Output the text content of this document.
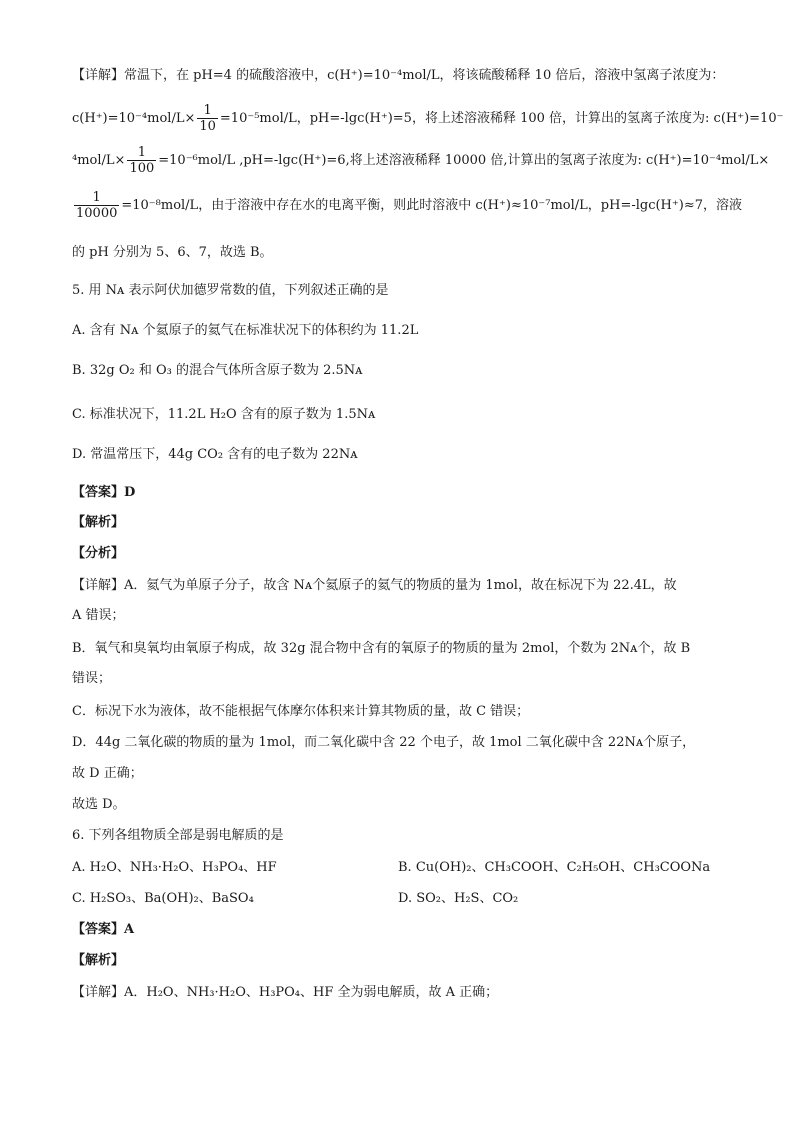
【详解】常温下，在 pH=4 的硫酸溶液中，c(H⁺)=10⁻⁴mol/L，将该硫酸稀释 10 倍后，溶液中氢离子浓度为：
$c(H^+)=10^{-4}mol/L\times \frac{1}{10} =10^{-5}mol/L$，pH=-lgc(H⁺)=5，将上述溶液稀释 100 倍，计算出的氢离子浓度为: c(H⁺)=10⁻
$^4mol/L\times \frac{1}{100} =10^{-6}mol/L$ ,pH=-lgc(H⁺)=6,将上述溶液稀释 10000 倍,计算出的氢离子浓度为: c(H⁺)=10⁻⁴mol/L×
$\frac{1}{10000} =10^{-8}mol/L$，由于溶液中存在水的电离平衡，则此时溶液中 c(H⁺)≈10⁻⁷mol/L，pH=-lgc(H⁺)≈7，溶液
的 pH 分别为 5、6、7，故选 B。
5. 用 Nᴀ 表示阿伏加德罗常数的值，下列叙述正确的是
A. 含有 Nᴀ 个氦原子的氦气在标准状况下的体积约为 11.2L
B. 32g O₂ 和 O₃ 的混合气体所含原子数为 2.5Nᴀ
C. 标准状况下，11.2L H₂O 含有的原子数为 1.5Nᴀ
D. 常温常压下，44g CO₂ 含有的电子数为 22Nᴀ
【答案】D
【解析】
【分析】
【详解】A．氦气为单原子分子，故含 Nᴀ个氦原子的氦气的物质的量为 1mol，故在标况下为 22.4L，故
A 错误；
B．氧气和臭氧均由氧原子构成，故 32g 混合物中含有的氧原子的物质的量为 2mol，个数为 2Nᴀ个，故 B
错误；
C．标况下水为液体，故不能根据气体摩尔体积来计算其物质的量，故 C 错误；
D．44g 二氧化碳的物质的量为 1mol，而二氧化碳中含 22 个电子，故 1mol 二氧化碳中含 22Nᴀ个原子，
故 D 正确；
故选 D。
6. 下列各组物质全部是弱电解质的是
A. H₂O、NH₃·H₂O、H₃PO₄、HF	B. Cu(OH)₂、CH₃COOH、C₂H₅OH、CH₃COONa
C. H₂SO₃、Ba(OH)₂、BaSO₄	D. SO₂、H₂S、CO₂
【答案】A
【解析】
【详解】A．H₂O、NH₃·H₂O、H₃PO₄、HF 全为弱电解质，故 A 正确；
